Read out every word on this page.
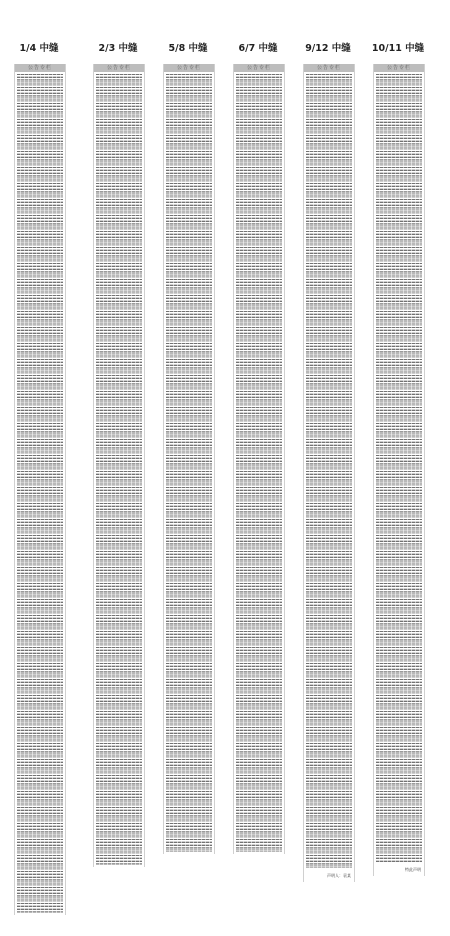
1/4 中缝
公告专栏
2/3 中缝
公告专栏
5/8 中缝
公告专栏
6/7 中缝
公告专栏
9/12 中缝
公告专栏
声明人：袁某
10/11 中缝
公告专栏
特此声明
